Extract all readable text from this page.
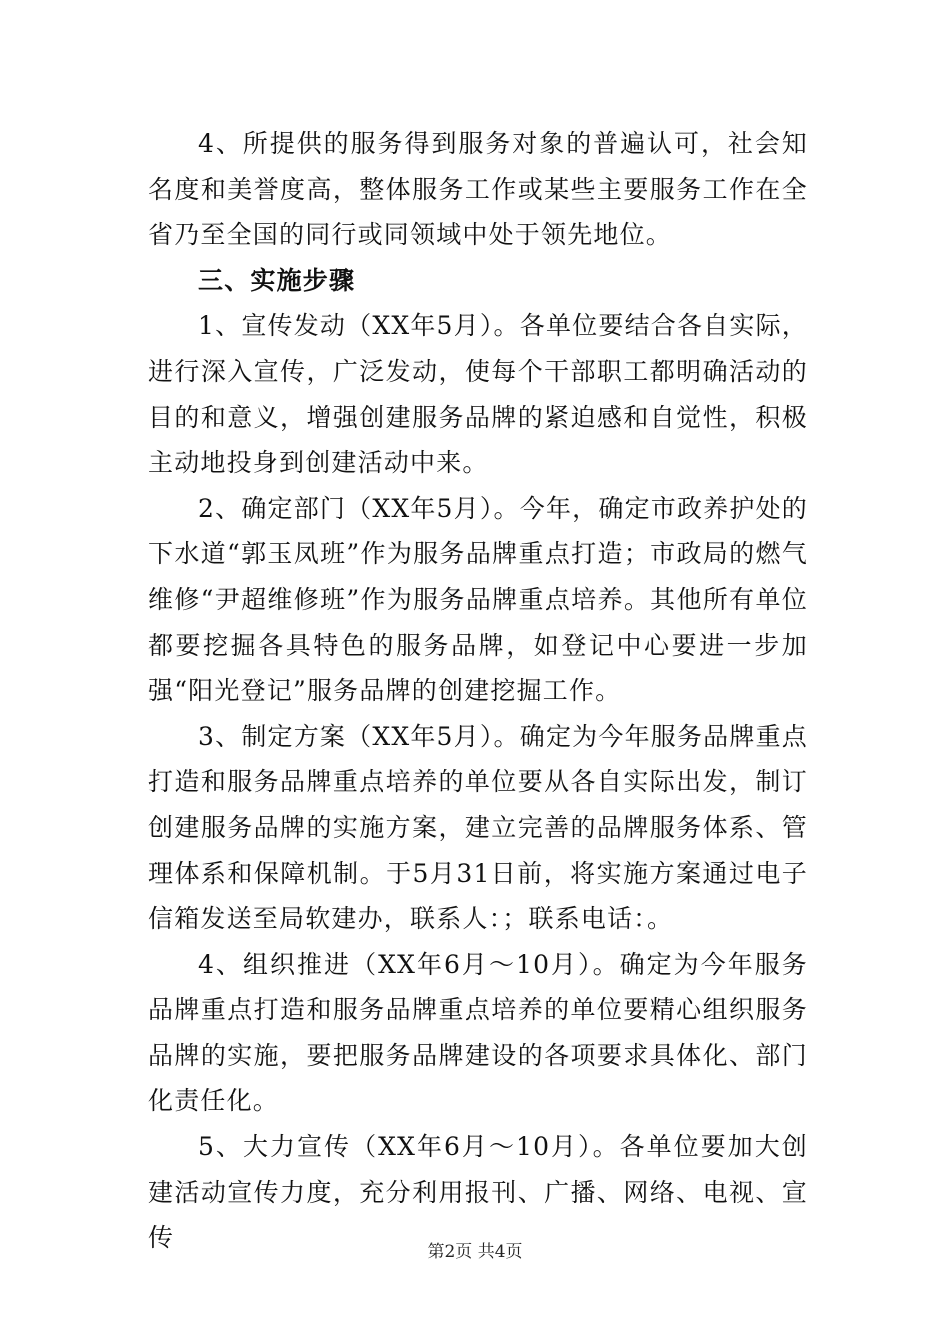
4、所提供的服务得到服务对象的普遍认可，社会知名度和美誉度高，整体服务工作或某些主要服务工作在全省乃至全国的同行或同领域中处于领先地位。

三、实施步骤

1、宣传发动（XX年5月）。各单位要结合各自实际，进行深入宣传，广泛发动，使每个干部职工都明确活动的目的和意义，增强创建服务品牌的紧迫感和自觉性，积极主动地投身到创建活动中来。

2、确定部门（XX年5月）。今年，确定市政养护处的下水道“郭玉凤班”作为服务品牌重点打造；市政局的燃气维修“尹超维修班”作为服务品牌重点培养。其他所有单位都要挖掘各具特色的服务品牌，如登记中心要进一步加强“阳光登记”服务品牌的创建挖掘工作。

3、制定方案（XX年5月）。确定为今年服务品牌重点打造和服务品牌重点培养的单位要从各自实际出发，制订创建服务品牌的实施方案，建立完善的品牌服务体系、管理体系和保障机制。于5月31日前，将实施方案通过电子信箱发送至局软建办，联系人：；联系电话：。

4、组织推进（XX年6月～10月）。确定为今年服务品牌重点打造和服务品牌重点培养的单位要精心组织服务品牌的实施，要把服务品牌建设的各项要求具体化、部门化责任化。

5、大力宣传（XX年6月～10月）。各单位要加大创建活动宣传力度，充分利用报刊、广播、网络、电视、宣传	第2页 共4页
